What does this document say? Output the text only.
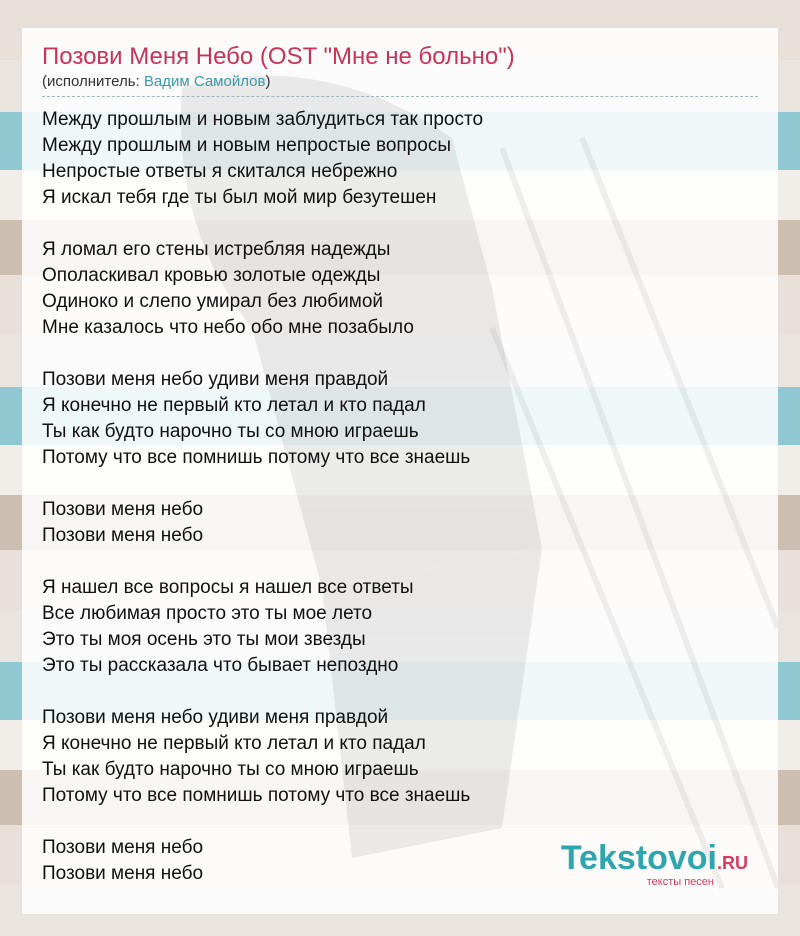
Позови Меня Небо (OST "Мне не больно")
(исполнитель: Вадим Самойлов)
Между прошлым и новым заблудиться так просто
Между прошлым и новым непростые вопросы
Непростые ответы я скитался небрежно
Я искал тебя где ты был мой мир безутешен
Я ломал его стены истребляя надежды
Ополаскивал кровью золотые одежды
Одиноко и слепо умирал без любимой
Мне казалось что небо обо мне позабыло
Позови меня небо удиви меня правдой
Я конечно не первый кто летал и кто падал
Ты как будто нарочно ты со мною играешь
Потому что все помнишь потому что все знаешь
Позови меня небо
Позови меня небо
Я нашел все вопросы я нашел все ответы
Все любимая просто это ты мое лето
Это ты моя осень это ты мои звезды
Это ты рассказала что бывает непоздно
Позови меня небо удиви меня правдой
Я конечно не первый кто летал и кто падал
Ты как будто нарочно ты со мною играешь
Потому что все помнишь потому что все знаешь
Позови меня небо
Позови меня небо	Tekstovoi.RU
тексты песен
